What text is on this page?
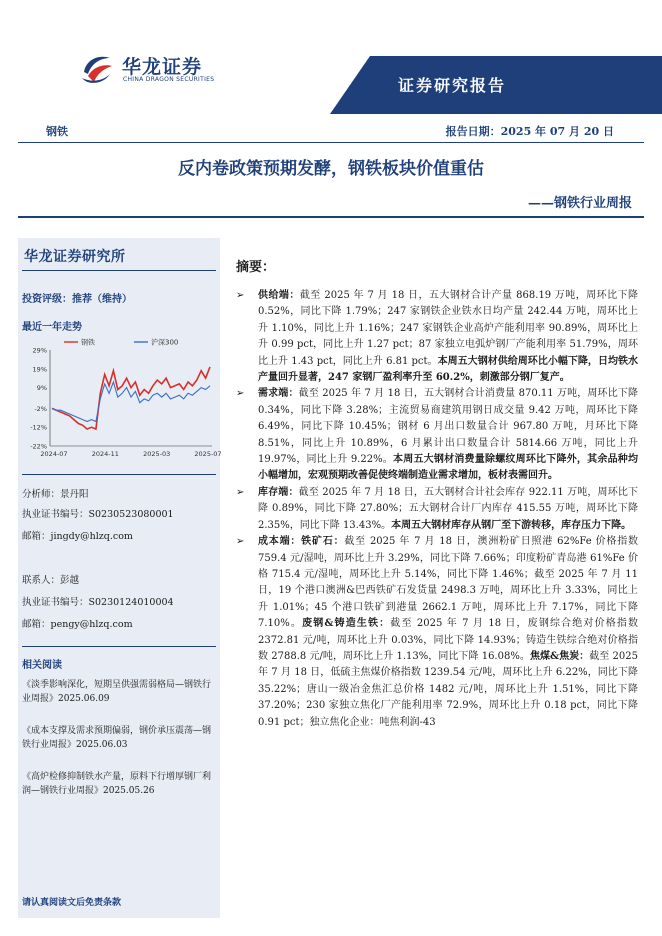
华龙证券
CHINA DRAGON SECURITIES	证券研究报告
钢铁	报告日期：2025 年 07 月 20 日
反内卷政策预期发酵，钢铁板块价值重估
——钢铁行业周报
华龙证券研究所
投资评级：推荐（维持）
最近一年走势
29%
19%
9%
-2%
-12%
-22%
2024-07	2024-11	2025-03	2025-07
钢铁	沪深300
分析师：景丹阳
执业证书编号：S0230523080001
邮箱：jingdy@hlzq.com
联系人：彭越
执业证书编号：S0230124010004
邮箱：pengy@hlzq.com
相关阅读
《淡季影响深化，短期呈供强需弱格局—钢铁行业周报》2025.06.09
《成本支撑及需求预期偏弱，钢价承压震荡—钢铁行业周报》2025.06.03
《高炉检修抑制铁水产量，原料下行增厚钢厂利润—钢铁行业周报》2025.05.26
请认真阅读文后免责条款
摘要：
➢ 供给端：截至 2025 年 7 月 18 日，五大钢材合计产量 868.19 万吨，周环比下降 0.52%，同比下降 1.79%；247 家钢铁企业铁水日均产量 242.44 万吨，周环比上升 1.10%，同比上升 1.16%；247 家钢铁企业高炉产能利用率 90.89%，周环比上升 0.99 pct，同比上升 1.27 pct；87 家独立电弧炉钢厂产能利用率 51.79%，周环比上升 1.43 pct，同比上升 6.81 pct。本周五大钢材供给周环比小幅下降，日均铁水产量回升显著，247 家钢厂盈利率升至 60.2%，刺激部分钢厂复产。
➢ 需求端：截至 2025 年 7 月 18 日，五大钢材合计消费量 870.11 万吨，周环比下降 0.34%，同比下降 3.28%；主流贸易商建筑用钢日成交量 9.42 万吨，周环比下降 6.49%，同比下降 10.45%；钢材 6 月出口数量合计 967.80 万吨，月环比下降 8.51%，同比上升 10.89%，6 月累计出口数量合计 5814.66 万吨，同比上升 19.97%，同比上升 9.22%。本周五大钢材消费量除螺纹周环比下降外，其余品种均小幅增加，宏观预期改善促使终端制造业需求增加，板材表需回升。
➢ 库存端：截至 2025 年 7 月 18 日，五大钢材合计社会库存 922.11 万吨，周环比下降 0.89%，同比下降 27.80%；五大钢材合计厂内库存 415.55 万吨，周环比下降 2.35%，同比下降 13.43%。本周五大钢材库存从钢厂至下游转移，库存压力下降。
➢ 成本端：铁矿石：截至 2025 年 7 月 18 日，澳洲粉矿日照港 62%Fe 价格指数 759.4 元/湿吨，周环比上升 3.29%，同比下降 7.66%；印度粉矿青岛港 61%Fe 价格 715.4 元/湿吨，周环比上升 5.14%，同比下降 1.46%；截至 2025 年 7 月 11 日，19 个港口澳洲&巴西铁矿石发货量 2498.3 万吨，周环比上升 3.33%，同比上升 1.01%；45 个港口铁矿到港量 2662.1 万吨，周环比上升 7.17%，同比下降 7.10%。废钢&铸造生铁：截至 2025 年 7 月 18 日，废钢综合绝对价格指数 2372.81 元/吨，周环比上升 0.03%，同比下降 14.93%；铸造生铁综合绝对价格指数 2788.8 元/吨，周环比上升 1.13%，同比下降 16.08%。焦煤&焦炭：截至 2025 年 7 月 18 日，低硫主焦煤价格指数 1239.54 元/吨，周环比上升 6.22%，同比下降 35.22%；唐山一级冶金焦汇总价格 1482 元/吨，周环比上升 1.51%，同比下降 37.20%；230 家独立焦化厂产能利用率 72.9%，周环比上升 0.18 pct，同比下降 0.91 pct；独立焦化企业：吨焦利润-43
